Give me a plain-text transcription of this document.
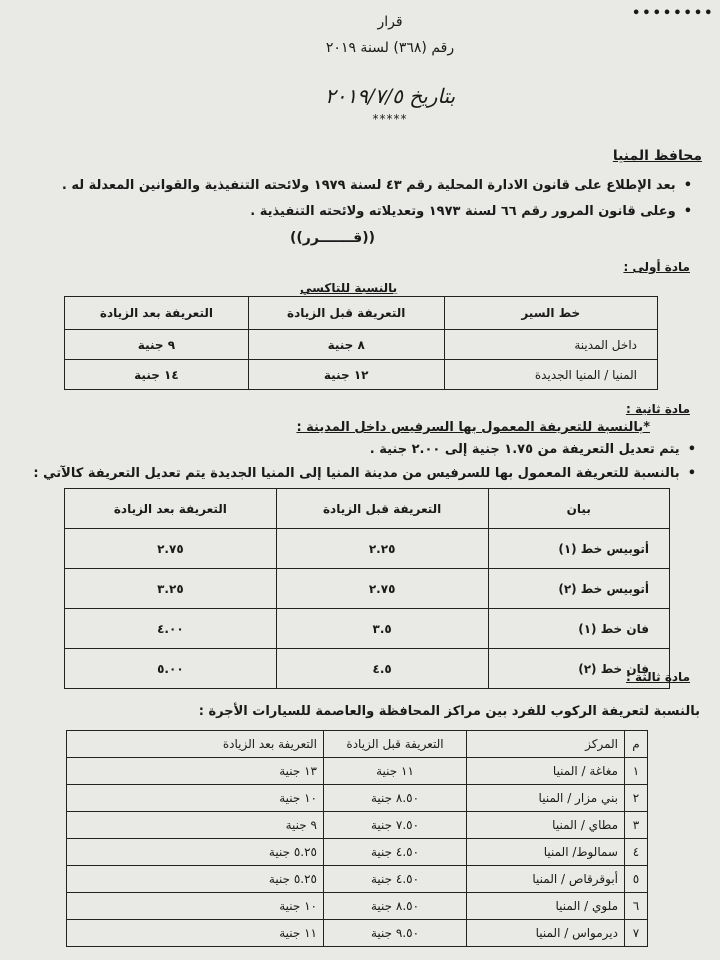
••••••••
قرار
رقم (٣٦٨) لسنة ٢٠١٩
بتاريخ ٢٠١٩/٧/٥
*****
محافظ المنيا
• بعد الإطلاع على قانون الادارة المحلية رقم ٤٣ لسنة ١٩٧٩ ولائحته التنفيذية والقوانين المعدلة له .
• وعلى قانون المرور رقم ٦٦ لسنة ١٩٧٣ وتعديلاته ولائحته التنفيذية .
((قـــــــرر))
مادة أولى :
بالنسبة للتاكسي
خط السير	التعريفة قبل الزيادة	التعريفة بعد الزيادة
داخل المدينة	٨ جنية	٩ جنية
المنيا / المنيا الجديدة	١٢ جنية	١٤ جنية
مادة ثانية :
*بالنسبة للتعريفة المعمول بها السرفيس داخل المدينة :
• يتم تعديل التعريفة من ١.٧٥ جنية إلى ٢.٠٠ جنية .
• بالنسبة للتعريفة المعمول بها للسرفيس من مدينة المنيا إلى المنيا الجديدة يتم تعديل التعريفة كالآتي :
بيان	التعريفة قبل الزيادة	التعريفة بعد الزيادة
أتوبيس خط (١)	٢.٢٥	٢.٧٥
أتوبيس خط (٢)	٢.٧٥	٣.٢٥
فان خط (١)	٣.٥	٤.٠٠
فان خط (٢)	٤.٥	٥.٠٠
مادة ثالثة :
بالنسبة لتعريفة الركوب للفرد بين مراكز المحافظة والعاصمة للسيارات الأجرة :
م	المركز	التعريفة قبل الزيادة	التعريفة بعد الزيادة
١	مغاغة / المنيا	١١ جنية	١٣ جنية
٢	بني مزار / المنيا	٨.٥٠ جنية	١٠ جنية
٣	مطاي / المنيا	٧.٥٠ جنية	٩ جنية
٤	سمالوط/ المنيا	٤.٥٠ جنية	٥.٢٥ جنية
٥	أبوقرقاص / المنيا	٤.٥٠ جنية	٥.٢٥ جنية
٦	ملوي / المنيا	٨.٥٠ جنية	١٠ جنية
٧	ديرمواس / المنيا	٩.٥٠ جنية	١١ جنية
